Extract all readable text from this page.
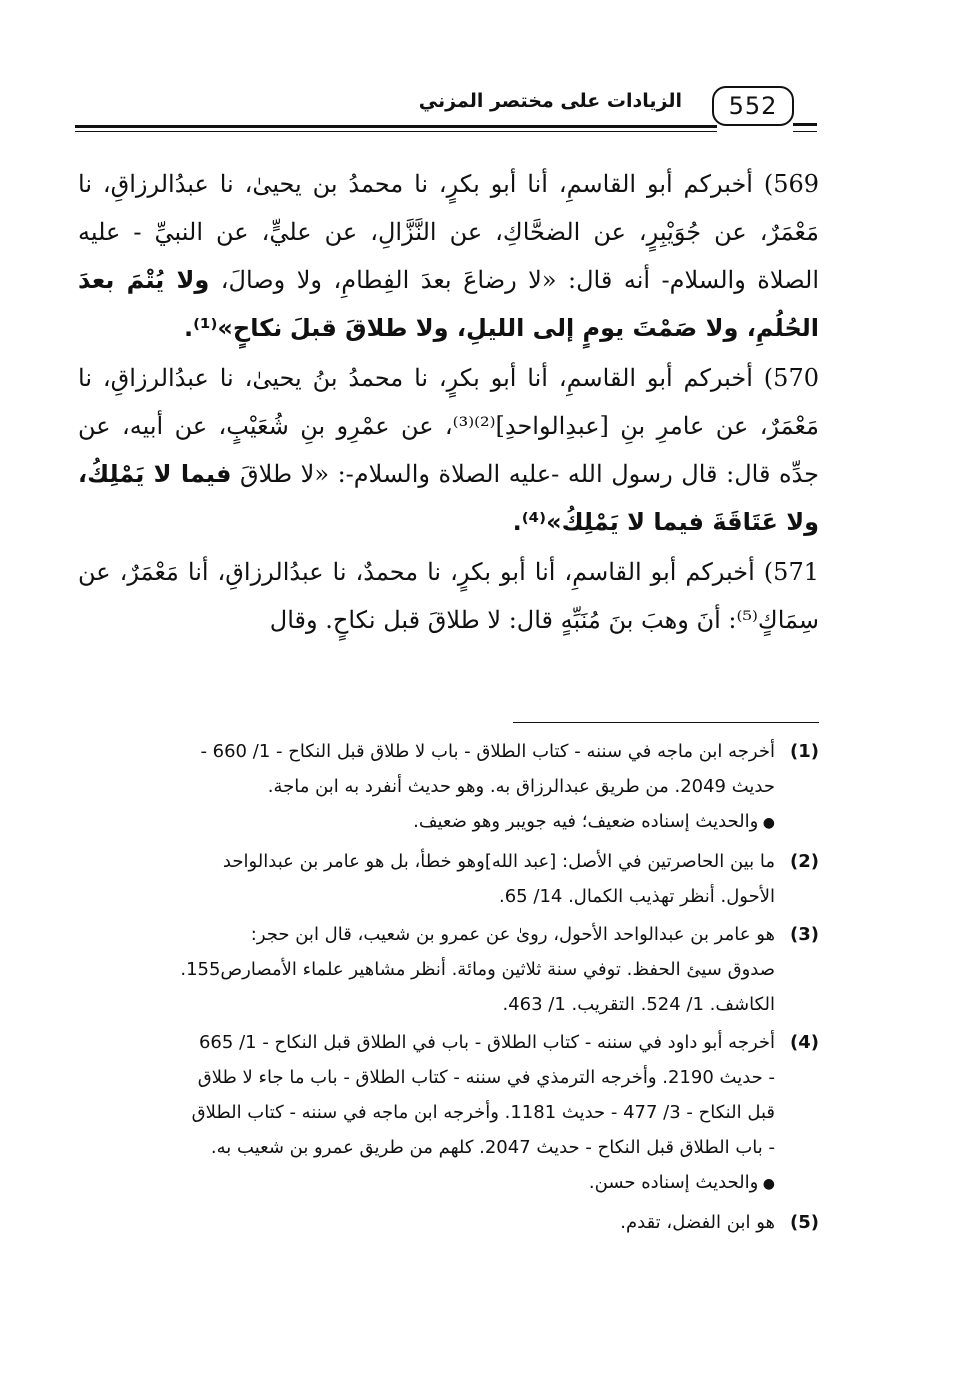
الزيادات على مختصر المزني	552
569) أخبركم أبو القاسمِ، أنا أبو بكرٍ، نا محمدُ بن يحيىٰ، نا عبدُالرزاقِ، نا مَعْمَرٌ، عن جُوَيْبِرٍ، عن الضحَّاكِ، عن النَّزَّالِ، عن عليٍّ، عن النبيِّ - عليه الصلاة والسلام- أنه قال: «لا رضاعَ بعدَ الفِطامِ، ولا وصالَ، ولا يُتْمَ بعدَ الحُلُمِ، ولا صَمْتَ يومٍ إلى الليلِ، ولا طلاقَ قبلَ نكاحٍ»⁽¹⁾.
570) أخبركم أبو القاسمِ، أنا أبو بكرٍ، نا محمدُ بنُ يحيىٰ، نا عبدُالرزاقِ، نا مَعْمَرٌ، عن عامرِ بنِ [عبدِالواحدِ]⁽²⁾⁽³⁾، عن عمْرِو بنِ شُعَيْبٍ، عن أبيه، عن جدِّه قال: قال رسول الله -عليه الصلاة والسلام-: «لا طلاقَ فيما لا يَمْلِكُ، ولا عَتَاقَةَ فيما لا يَمْلِكُ»⁽⁴⁾.
571) أخبركم أبو القاسمِ، أنا أبو بكرٍ، نا محمدٌ، نا عبدُالرزاقِ، أنا مَعْمَرٌ، عن سِمَاكٍ⁽⁵⁾: أنَ وهبَ بنَ مُنَبِّهٍ قال: لا طلاقَ قبل نكاحٍ. وقال
(1)
أخرجه ابن ماجه في سننه - كتاب الطلاق - باب لا طلاق قبل النكاح - 1/ 660 -
حديث 2049. من طريق عبدالرزاق به. وهو حديث أنفرد به ابن ماجة.
● والحديث إسناده ضعيف؛ فيه جويبر وهو ضعيف.
(2)
ما بين الحاصرتين في الأصل: [عبد الله]وهو خطأ، بل هو عامر بن عبدالواحد
الأحول. أنظر تهذيب الكمال. 14/ 65.
(3)
هو عامر بن عبدالواحد الأحول، روىٰ عن عمرو بن شعيب، قال ابن حجر:
صدوق سيئ الحفظ. توفي سنة ثلاثين ومائة. أنظر مشاهير علماء الأمصارص155.
الكاشف. 1/ 524. التقريب. 1/ 463.
(4)
أخرجه أبو داود في سننه - كتاب الطلاق - باب في الطلاق قبل النكاح - 1/ 665
- حديث 2190. وأخرجه الترمذي في سننه - كتاب الطلاق - باب ما جاء لا طلاق
قبل النكاح - 3/ 477 - حديث 1181. وأخرجه ابن ماجه في سننه - كتاب الطلاق
- باب الطلاق قبل النكاح - حديث 2047. كلهم من طريق عمرو بن شعيب به.
● والحديث إسناده حسن.
(5)
هو ابن الفضل، تقدم.
